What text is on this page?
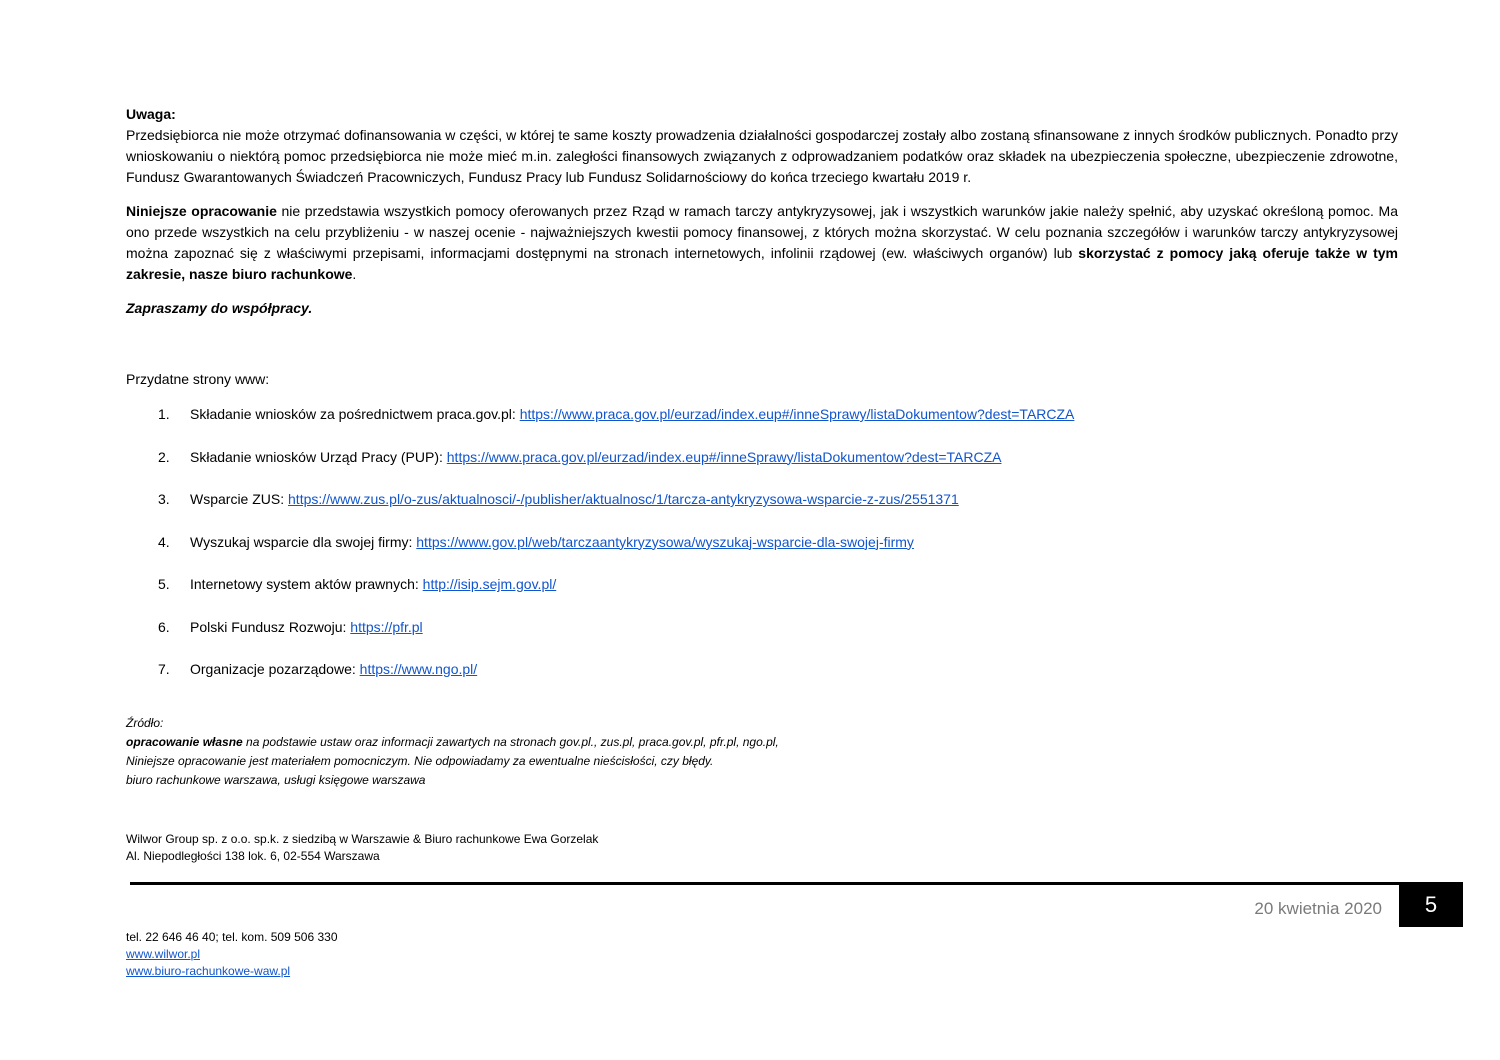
Uwaga:
Przedsiębiorca nie może otrzymać dofinansowania w części, w której te same koszty prowadzenia działalności gospodarczej zostały albo zostaną sfinansowane z innych środków publicznych. Ponadto przy wnioskowaniu o niektórą pomoc przedsiębiorca nie może mieć m.in. zaległości finansowych związanych z odprowadzaniem podatków oraz składek na ubezpieczenia społeczne, ubezpieczenie zdrowotne, Fundusz Gwarantowanych Świadczeń Pracowniczych, Fundusz Pracy lub Fundusz Solidarnościowy do końca trzeciego kwartału 2019 r.
Niniejsze opracowanie nie przedstawia wszystkich pomocy oferowanych przez Rząd w ramach tarczy antykryzysowej, jak i wszystkich warunków jakie należy spełnić, aby uzyskać określoną pomoc. Ma ono przede wszystkich na celu przybliżeniu - w naszej ocenie - najważniejszych kwestii pomocy finansowej, z których można skorzystać. W celu poznania szczegółów i warunków tarczy antykryzysowej można zapoznać się z właściwymi przepisami, informacjami dostępnymi na stronach internetowych, infolinii rządowej (ew. właściwych organów) lub skorzystać z pomocy jaką oferuje także w tym zakresie, nasze biuro rachunkowe.
Zapraszamy do współpracy.
Przydatne strony www:
1. Składanie wniosków za pośrednictwem praca.gov.pl: https://www.praca.gov.pl/eurzad/index.eup#/inneSprawy/listaDokumentow?dest=TARCZA
2. Składanie wniosków Urząd Pracy (PUP): https://www.praca.gov.pl/eurzad/index.eup#/inneSprawy/listaDokumentow?dest=TARCZA
3. Wsparcie ZUS: https://www.zus.pl/o-zus/aktualnosci/-/publisher/aktualnosc/1/tarcza-antykryzysowa-wsparcie-z-zus/2551371
4. Wyszukaj wsparcie dla swojej firmy: https://www.gov.pl/web/tarczaantykryzysowa/wyszukaj-wsparcie-dla-swojej-firmy
5. Internetowy system aktów prawnych: http://isip.sejm.gov.pl/
6. Polski Fundusz Rozwoju: https://pfr.pl
7. Organizacje pozarządowe: https://www.ngo.pl/
Źródło:
opracowanie własne na podstawie ustaw oraz informacji zawartych na stronach gov.pl., zus.pl, praca.gov.pl, pfr.pl, ngo.pl,
Niniejsze opracowanie jest materiałem pomocniczym. Nie odpowiadamy za ewentualne nieścisłości, czy błędy.
biuro rachunkowe warszawa, usługi księgowe warszawa
Wilwor Group sp. z o.o. sp.k. z siedzibą w Warszawie & Biuro rachunkowe Ewa Gorzelak
Al. Niepodległości 138 lok. 6, 02-554 Warszawa
20 kwietnia 2020	5
tel. 22 646 46 40; tel. kom. 509 506 330
www.wilwor.pl
www.biuro-rachunkowe-waw.pl
